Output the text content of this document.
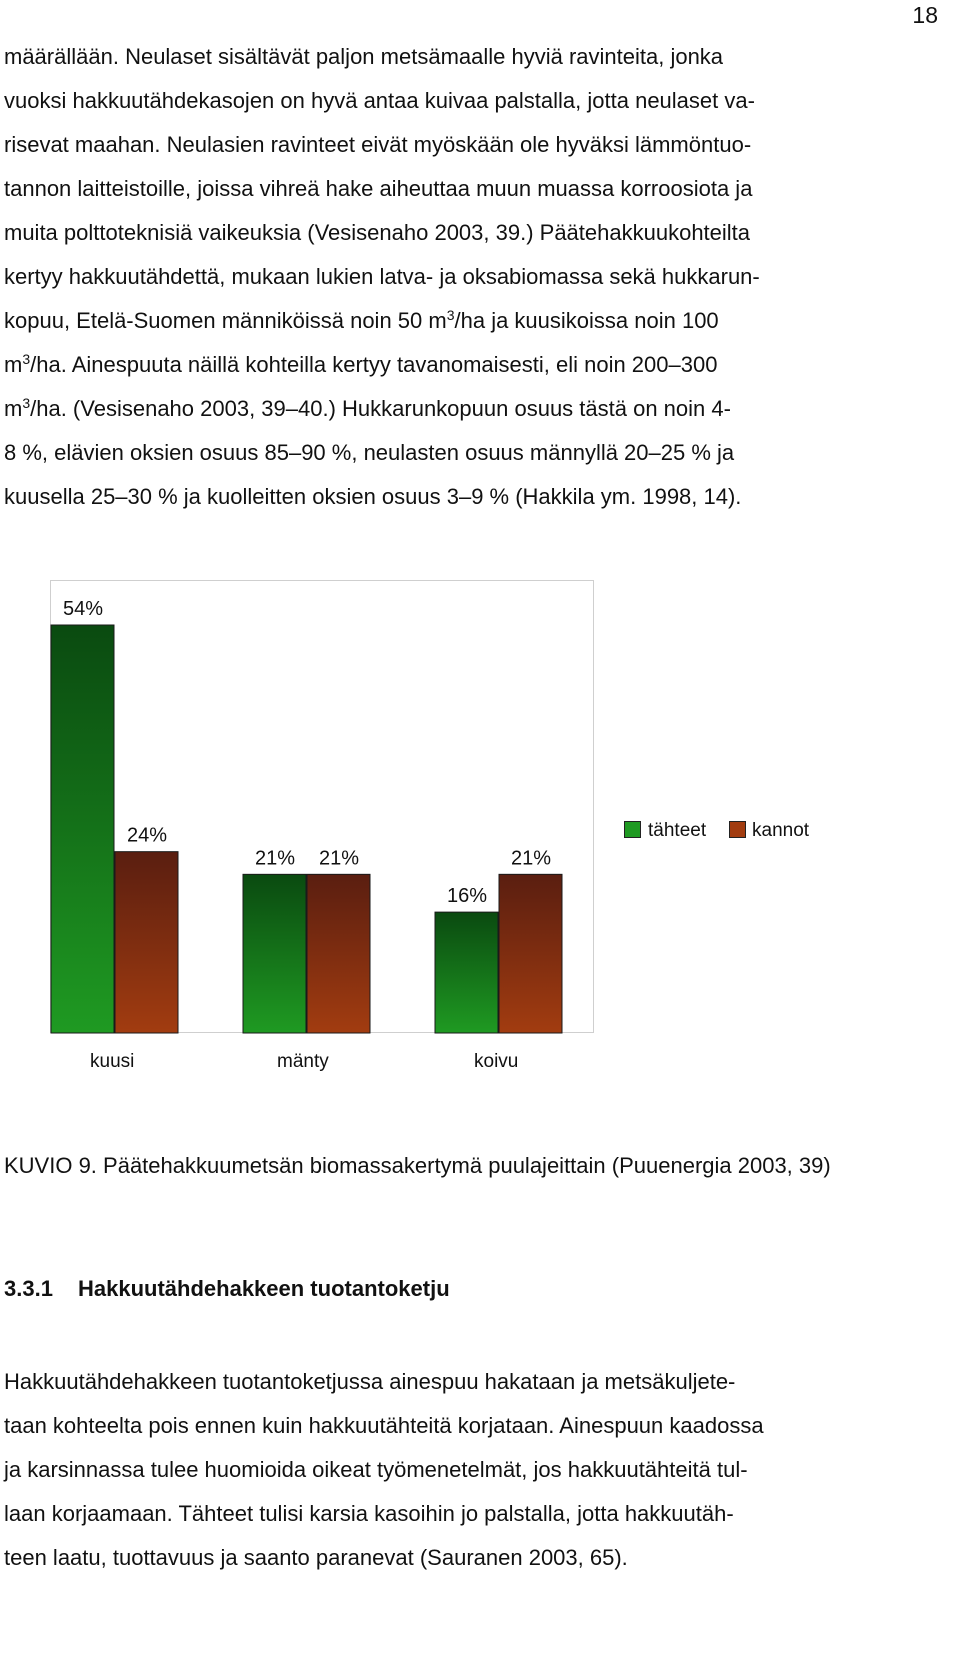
18

määrällään. Neulaset sisältävät paljon metsämaalle hyviä ravinteita, jonka
vuoksi hakkuutähdekasojen on hyvä antaa kuivaa palstalla, jotta neulaset va-
risevat maahan. Neulasien ravinteet eivät myöskään ole hyväksi lämmöntuo-
tannon laitteistoille, joissa vihreä hake aiheuttaa muun muassa korroosiota ja
muita polttoteknisiä vaikeuksia (Vesisenaho 2003, 39.) Päätehakkuukohteilta
kertyy hakkuutähdettä, mukaan lukien latva- ja oksabiomassa sekä hukkarun-
kopuu, Etelä-Suomen männiköissä noin 50 $m^3/ha$ ja kuusikoissa noin 100
$m^3/ha$. Ainespuuta näillä kohteilla kertyy tavanomaisesti, eli noin 200–300
$m^3/ha$. (Vesisenaho 2003, 39–40.) Hukkarunkopuun osuus tästä on noin 4-
8 %, elävien oksien osuus 85–90 %, neulasten osuus männyllä 20–25 % ja
kuusella 25–30 % ja kuolleitten oksien osuus 3–9 % (Hakkila ym. 1998, 14).

54%
21%
16%
24%
21%	21%
kuusi	mänty	koivu
tähteet kannot

KUVIO 9. Päätehakkuumetsän biomassakertymä puulajeittain (Puuenergia 2003, 39)

3.3.1 Hakkuutähdehakkeen tuotantoketju

Hakkuutähdehakkeen tuotantoketjussa ainespuu hakataan ja metsäkuljete-
taan kohteelta pois ennen kuin hakkuutähteitä korjataan. Ainespuun kaadossa
ja karsinnassa tulee huomioida oikeat työmenetelmät, jos hakkuutähteitä tul-
laan korjaamaan. Tähteet tulisi karsia kasoihin jo palstalla, jotta hakkuutäh-
teen laatu, tuottavuus ja saanto paranevat (Sauranen 2003, 65).
